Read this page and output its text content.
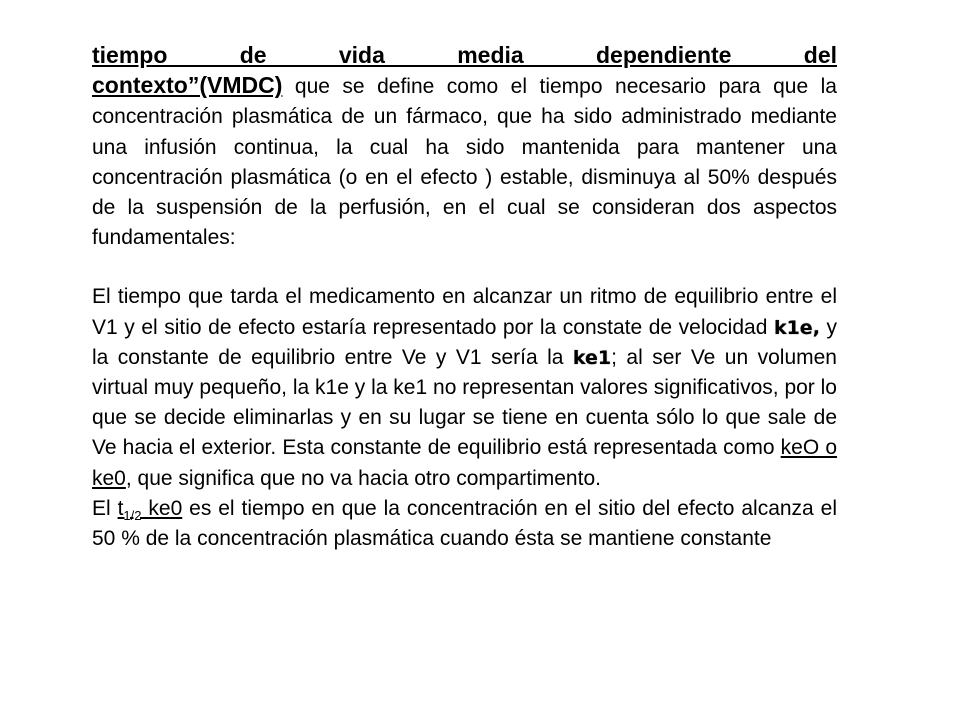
tiempo de vida media dependiente del
contexto”(VMDC) que se define como el tiempo necesario para que la concentración plasmática de un fármaco, que ha sido administrado mediante una infusión continua, la cual ha sido mantenida para mantener una concentración plasmática (o en el efecto ) estable, disminuya al 50% después de la suspensión de la perfusión, en el cual se consideran dos aspectos fundamentales:

El tiempo que tarda el medicamento en alcanzar un ritmo de equilibrio entre el V1 y el sitio de efecto estaría representado por la constate de velocidad k1e, y la constante de equilibrio entre Ve y V1 sería la ke1; al ser Ve un volumen virtual muy pequeño, la k1e y la ke1 no representan valores significativos, por lo que se decide eliminarlas y en su lugar se tiene en cuenta sólo lo que sale de Ve hacia el exterior. Esta constante de equilibrio está representada como keO o ke0, que significa que no va hacia otro compartimento.

El $t_{1/2}$ ke0 es el tiempo en que la concentración en el sitio del efecto alcanza el 50 % de la concentración plasmática cuando ésta se mantiene constante
